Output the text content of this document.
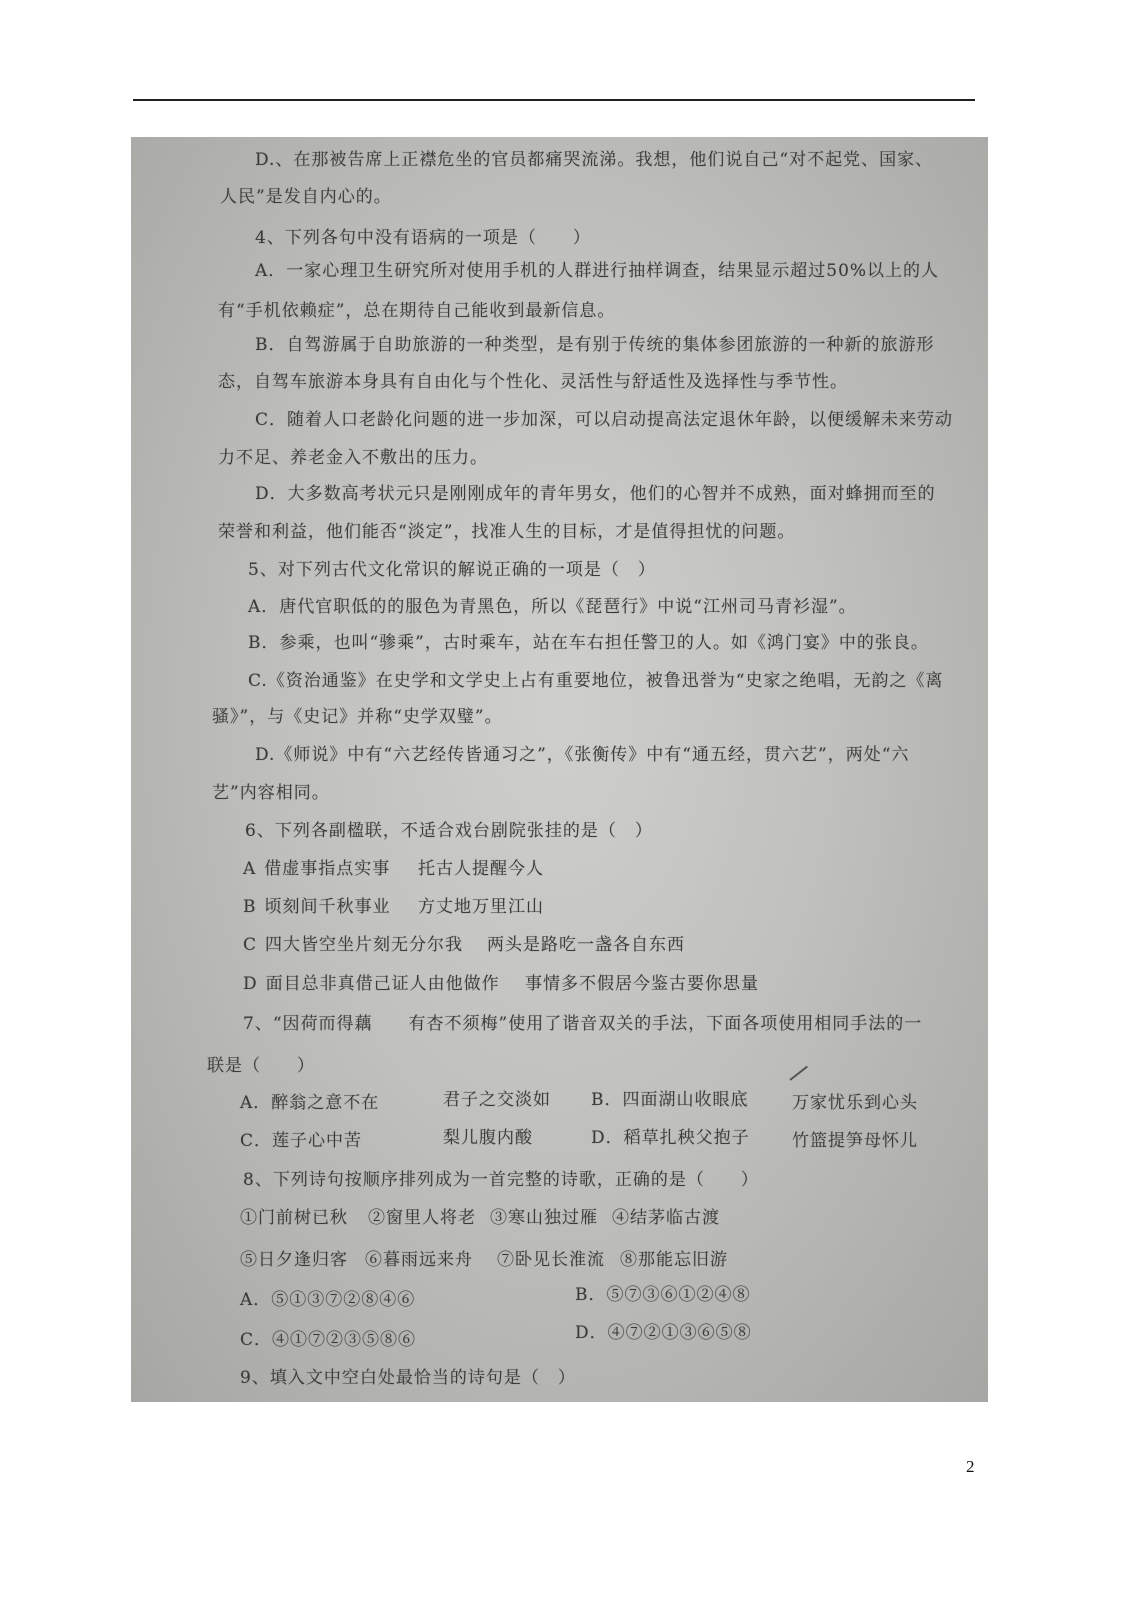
D.、在那被告席上正襟危坐的官员都痛哭流涕。我想，他们说自己“对不起党、国家、
人民”是发自内心的。
4、下列各句中没有语病的一项是（　　）
A．一家心理卫生研究所对使用手机的人群进行抽样调查，结果显示超过50%以上的人
有“手机依赖症”，总在期待自己能收到最新信息。
B．自驾游属于自助旅游的一种类型，是有别于传统的集体参团旅游的一种新的旅游形
态，自驾车旅游本身具有自由化与个性化、灵活性与舒适性及选择性与季节性。
C．随着人口老龄化问题的进一步加深，可以启动提高法定退休年龄，以便缓解未来劳动
力不足、养老金入不敷出的压力。
D．大多数高考状元只是刚刚成年的青年男女，他们的心智并不成熟，面对蜂拥而至的
荣誉和利益，他们能否“淡定”，找准人生的目标，才是值得担忧的问题。
5、对下列古代文化常识的解说正确的一项是（　）
A．唐代官职低的的服色为青黑色，所以《琵琶行》中说“江州司马青衫湿”。
B．参乘，也叫“骖乘”，古时乘车，站在车右担任警卫的人。如《鸿门宴》中的张良。
C.《资治通鉴》在史学和文学史上占有重要地位，被鲁迅誉为“史家之绝唱，无韵之《离
骚》”，与《史记》并称“史学双璧”。
D.《师说》中有“六艺经传皆通习之”，《张衡传》中有“通五经，贯六艺”，两处“六
艺”内容相同。
6、下列各副楹联，不适合戏台剧院张挂的是（　）
A 借虚事指点实事 托古人提醒今人
B 顷刻间千秋事业 方丈地万里江山
C 四大皆空坐片刻无分尔我 两头是路吃一盏各自东西
D 面目总非真借己证人由他做作 事情多不假居今鉴古要你思量
7、“因荷而得藕　　有杏不须梅”使用了谐音双关的手法，下面各项使用相同手法的一
联是（　　）
A．醉翁之意不在	君子之交淡如 B．四面湖山收眼底	万家忧乐到心头
C．莲子心中苦	梨儿腹内酸	D．稻草扎秧父抱子 竹篮提笋母怀儿
8、下列诗句按顺序排列成为一首完整的诗歌，正确的是（　　）
①门前树已秋 ②窗里人将老 ③寒山独过雁 ④结茅临古渡
⑤日夕逢归客 ⑥暮雨远来舟 ⑦卧见长淮流 ⑧那能忘旧游
A．⑤①③⑦②⑧④⑥	B．⑤⑦③⑥①②④⑧
C．④①⑦②③⑤⑧⑥	D．④⑦②①③⑥⑤⑧
9、填入文中空白处最恰当的诗句是（　）
2
